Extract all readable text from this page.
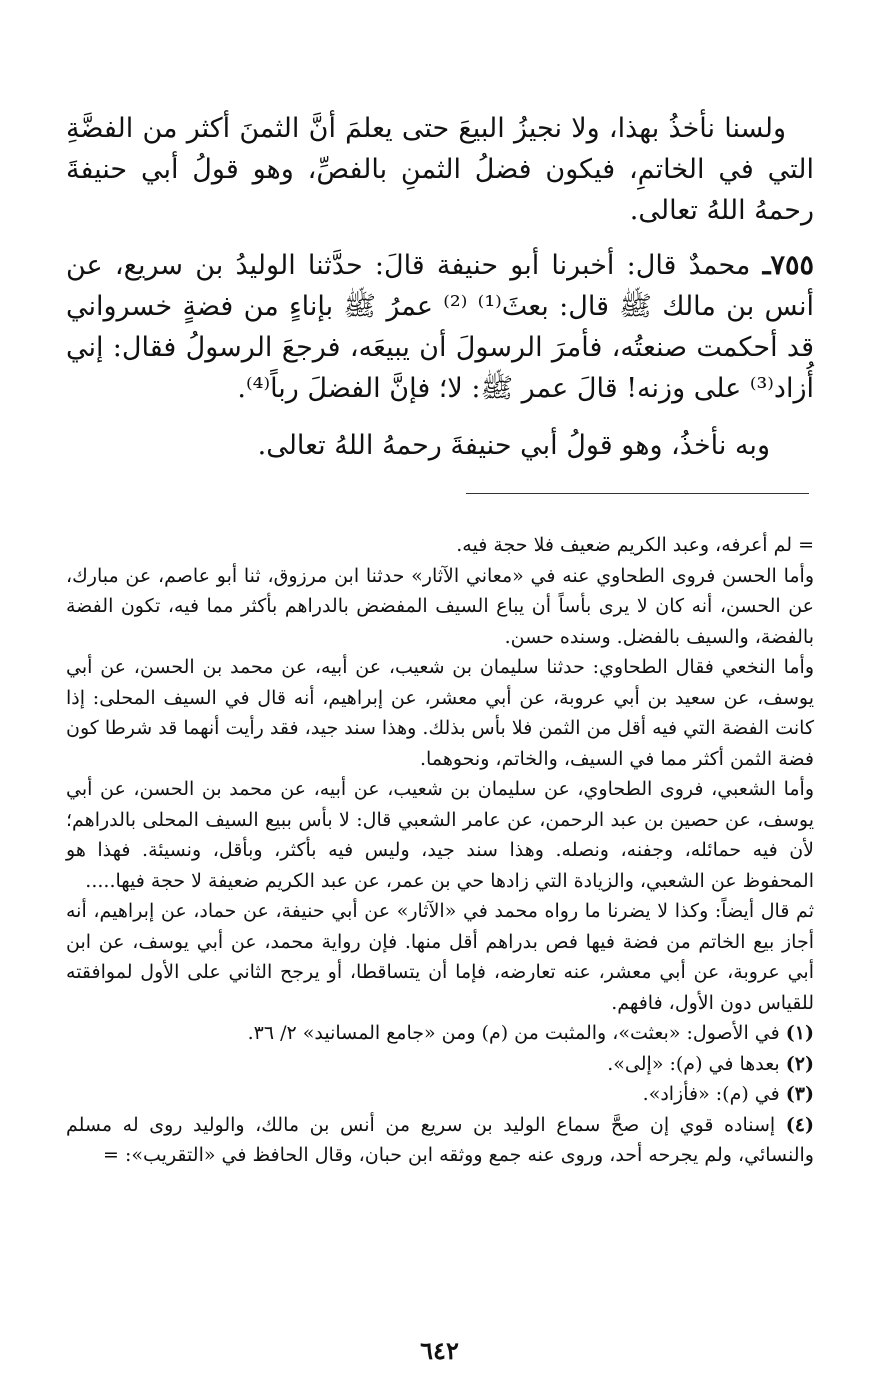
ولسنا نأخذُ بهذا، ولا نجيزُ البيعَ حتى يعلمَ أنَّ الثمنَ أكثر من الفضَّةِ التي في الخاتمِ، فيكون فضلُ الثمنِ بالفصِّ، وهو قولُ أبي حنيفةَ رحمهُ اللهُ تعالى.

٧٥٥ـ محمدٌ قال: أخبرنا أبو حنيفة قالَ: حدَّثنا الوليدُ بن سريع، عن أنس بن مالك ﷺ قال: بعثَ⁽¹⁾ ⁽²⁾ عمرُ ﷺ بإناءٍ من فضةٍ خسرواني قد أحكمت صنعتُه، فأمرَ الرسولَ أن يبيعَه، فرجعَ الرسولُ فقال: إني أُزاد⁽³⁾ على وزنه! قالَ عمر ﷺ: لا؛ فإنَّ الفضلَ رباً⁽⁴⁾.

وبه نأخذُ، وهو قولُ أبي حنيفةَ رحمهُ اللهُ تعالى.

= لم أعرفه، وعبد الكريم ضعيف فلا حجة فيه.

وأما الحسن فروى الطحاوي عنه في «معاني الآثار» حدثنا ابن مرزوق، ثنا أبو عاصم، عن مبارك، عن الحسن، أنه كان لا يرى بأساً أن يباع السيف المفضض بالدراهم بأكثر مما فيه، تكون الفضة بالفضة، والسيف بالفضل. وسنده حسن.

وأما النخعي فقال الطحاوي: حدثنا سليمان بن شعيب، عن أبيه، عن محمد بن الحسن، عن أبي يوسف، عن سعيد بن أبي عروبة، عن أبي معشر، عن إبراهيم، أنه قال في السيف المحلى: إذا كانت الفضة التي فيه أقل من الثمن فلا بأس بذلك. وهذا سند جيد، فقد رأيت أنهما قد شرطا كون فضة الثمن أكثر مما في السيف، والخاتم، ونحوهما.

وأما الشعبي، فروى الطحاوي، عن سليمان بن شعيب، عن أبيه، عن محمد بن الحسن، عن أبي يوسف، عن حصين بن عبد الرحمن، عن عامر الشعبي قال: لا بأس ببيع السيف المحلى بالدراهم؛ لأن فيه حمائله، وجفنه، ونصله. وهذا سند جيد، وليس فيه بأكثر، وبأقل، ونسيئة. فهذا هو المحفوظ عن الشعبي، والزيادة التي زادها حي بن عمر، عن عبد الكريم ضعيفة لا حجة فيها.....

ثم قال أيضاً: وكذا لا يضرنا ما رواه محمد في «الآثار» عن أبي حنيفة، عن حماد، عن إبراهيم، أنه أجاز بيع الخاتم من فضة فيها فص بدراهم أقل منها. فإن رواية محمد، عن أبي يوسف، عن ابن أبي عروبة، عن أبي معشر، عنه تعارضه، فإما أن يتساقطا، أو يرجح الثاني على الأول لموافقته للقياس دون الأول، فافهم.

(١) في الأصول: «بعثت»، والمثبت من (م) ومن «جامع المسانيد» ٢/ ٣٦.

(٢) بعدها في (م): «إلى».

(٣) في (م): «فأزاد».

(٤) إسناده قوي إن صحَّ سماع الوليد بن سريع من أنس بن مالك، والوليد روى له مسلم والنسائي، ولم يجرحه أحد، وروى عنه جمع ووثقه ابن حبان، وقال الحافظ في «التقريب»: =

٦٤٢
